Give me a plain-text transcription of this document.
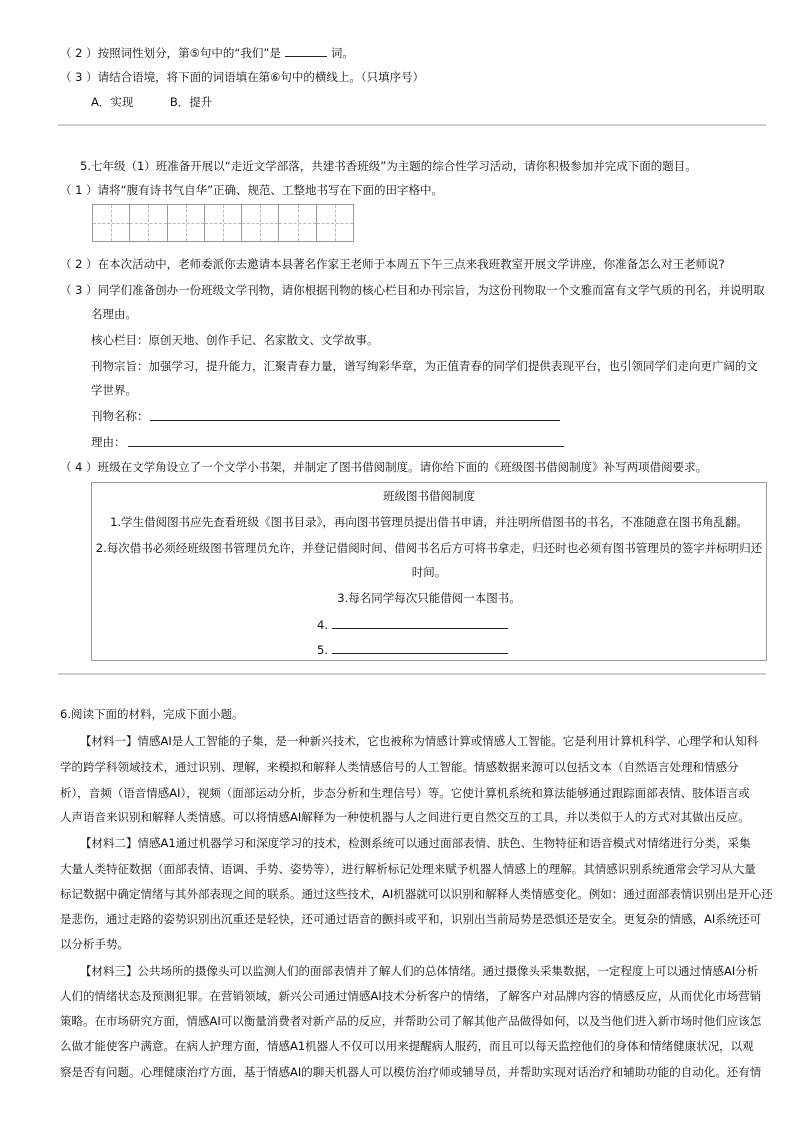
（ 2 ）按照词性划分，第⑤句中的“我们”是	词。
（ 3 ）请结合语境，将下面的词语填在第⑥句中的横线上。（只填序号）
A．实现          B．提升
5.七年级（1）班准备开展以“走近文学部落，共建书香班级”为主题的综合性学习活动，请你积极参加并完成下面的题目。
（ 1 ）请将“腹有诗书气自华”正确、规范、工整地书写在下面的田字格中。
（ 2 ）在本次活动中，老师委派你去邀请本县著名作家王老师于本周五下午三点来我班教室开展文学讲座，你准备怎么对王老师说?
（ 3 ）同学们准备创办一份班级文学刊物，请你根据刊物的核心栏目和办刊宗旨，为这份刊物取一个文雅而富有文学气质的刊名，并说明取
名理由。
核心栏目：原创天地、创作手记、名家散文、文学故事。
刊物宗旨：加强学习，提升能力，汇聚青春力量，谱写绚彩华章，为正值青春的同学们提供表现平台，也引领同学们走向更广阔的文
学世界。
刊物名称：
理由：
（ 4 ）班级在文学角设立了一个文学小书架，并制定了图书借阅制度。请你给下面的《班级图书借阅制度》补写两项借阅要求。
班级图书借阅制度
1.学生借阅图书应先查看班级《图书目录》，再向图书管理员提出借书申请，并注明所借图书的书名，不准随意在图书角乱翻。
2.每次借书必须经班级图书管理员允许，并登记借阅时间、借阅书名后方可将书拿走，归还时也必须有图书管理员的签字并标明归还
时间。
3.每名同学每次只能借阅一本图书。
4.
5.
6.阅读下面的材料，完成下面小题。
【材料一】情感AI是人工智能的子集，是一种新兴技术，它也被称为情感计算或情感人工智能。它是利用计算机科学、心理学和认知科
学的跨学科领域技术，通过识别、理解，来模拟和解释人类情感信号的人工智能。情感数据来源可以包括文本（自然语言处理和情感分
析），音频（语音情感AI），视频（面部运动分析，步态分析和生理信号）等。它使计算机系统和算法能够通过跟踪面部表情、肢体语言或
人声语音来识别和解释人类情感。可以将情感AI解释为一种使机器与人之间进行更自然交互的工具，并以类似于人的方式对其做出反应。
【材料二】情感A1通过机器学习和深度学习的技术，检测系统可以通过面部表情、肤色、生物特征和语音模式对情绪进行分类，采集
大量人类特征数据（面部表情、语调、手势、姿势等），进行解析标记处理来赋予机器人情感上的理解。其情感识别系统通常会学习从大量
标记数据中确定情绪与其外部表现之间的联系。通过这些技术，AI机器就可以识别和解释人类情感变化。例如：通过面部表情识别出是开心还
是悲伤，通过走路的姿势识别出沉重还是轻快，还可通过语音的颤抖或平和，识别出当前局势是恐惧还是安全。更复杂的情感，AI系统还可
以分析手势。
【材料三】公共场所的摄像头可以监测人们的面部表情并了解人们的总体情绪。通过摄像头采集数据，一定程度上可以通过情感AI分析
人们的情绪状态及预测犯罪。在营销领域，新兴公司通过情感AI技术分析客户的情绪，了解客户对品牌内容的情感反应，从而优化市场营销
策略。在市场研究方面，情感AI可以衡量消费者对新产品的反应，并帮助公司了解其他产品做得如何，以及当他们进入新市场时他们应该怎
么做才能使客户满意。在病人护理方面，情感A1机器人不仅可以用来提醒病人服药，而且可以每天监控他们的身体和情绪健康状况，以观
察是否有问题。心理健康治疗方面，基于情感AI的聊天机器人可以模仿治疗师或辅导员，并帮助实现对话治疗和辅助功能的自动化。还有情
